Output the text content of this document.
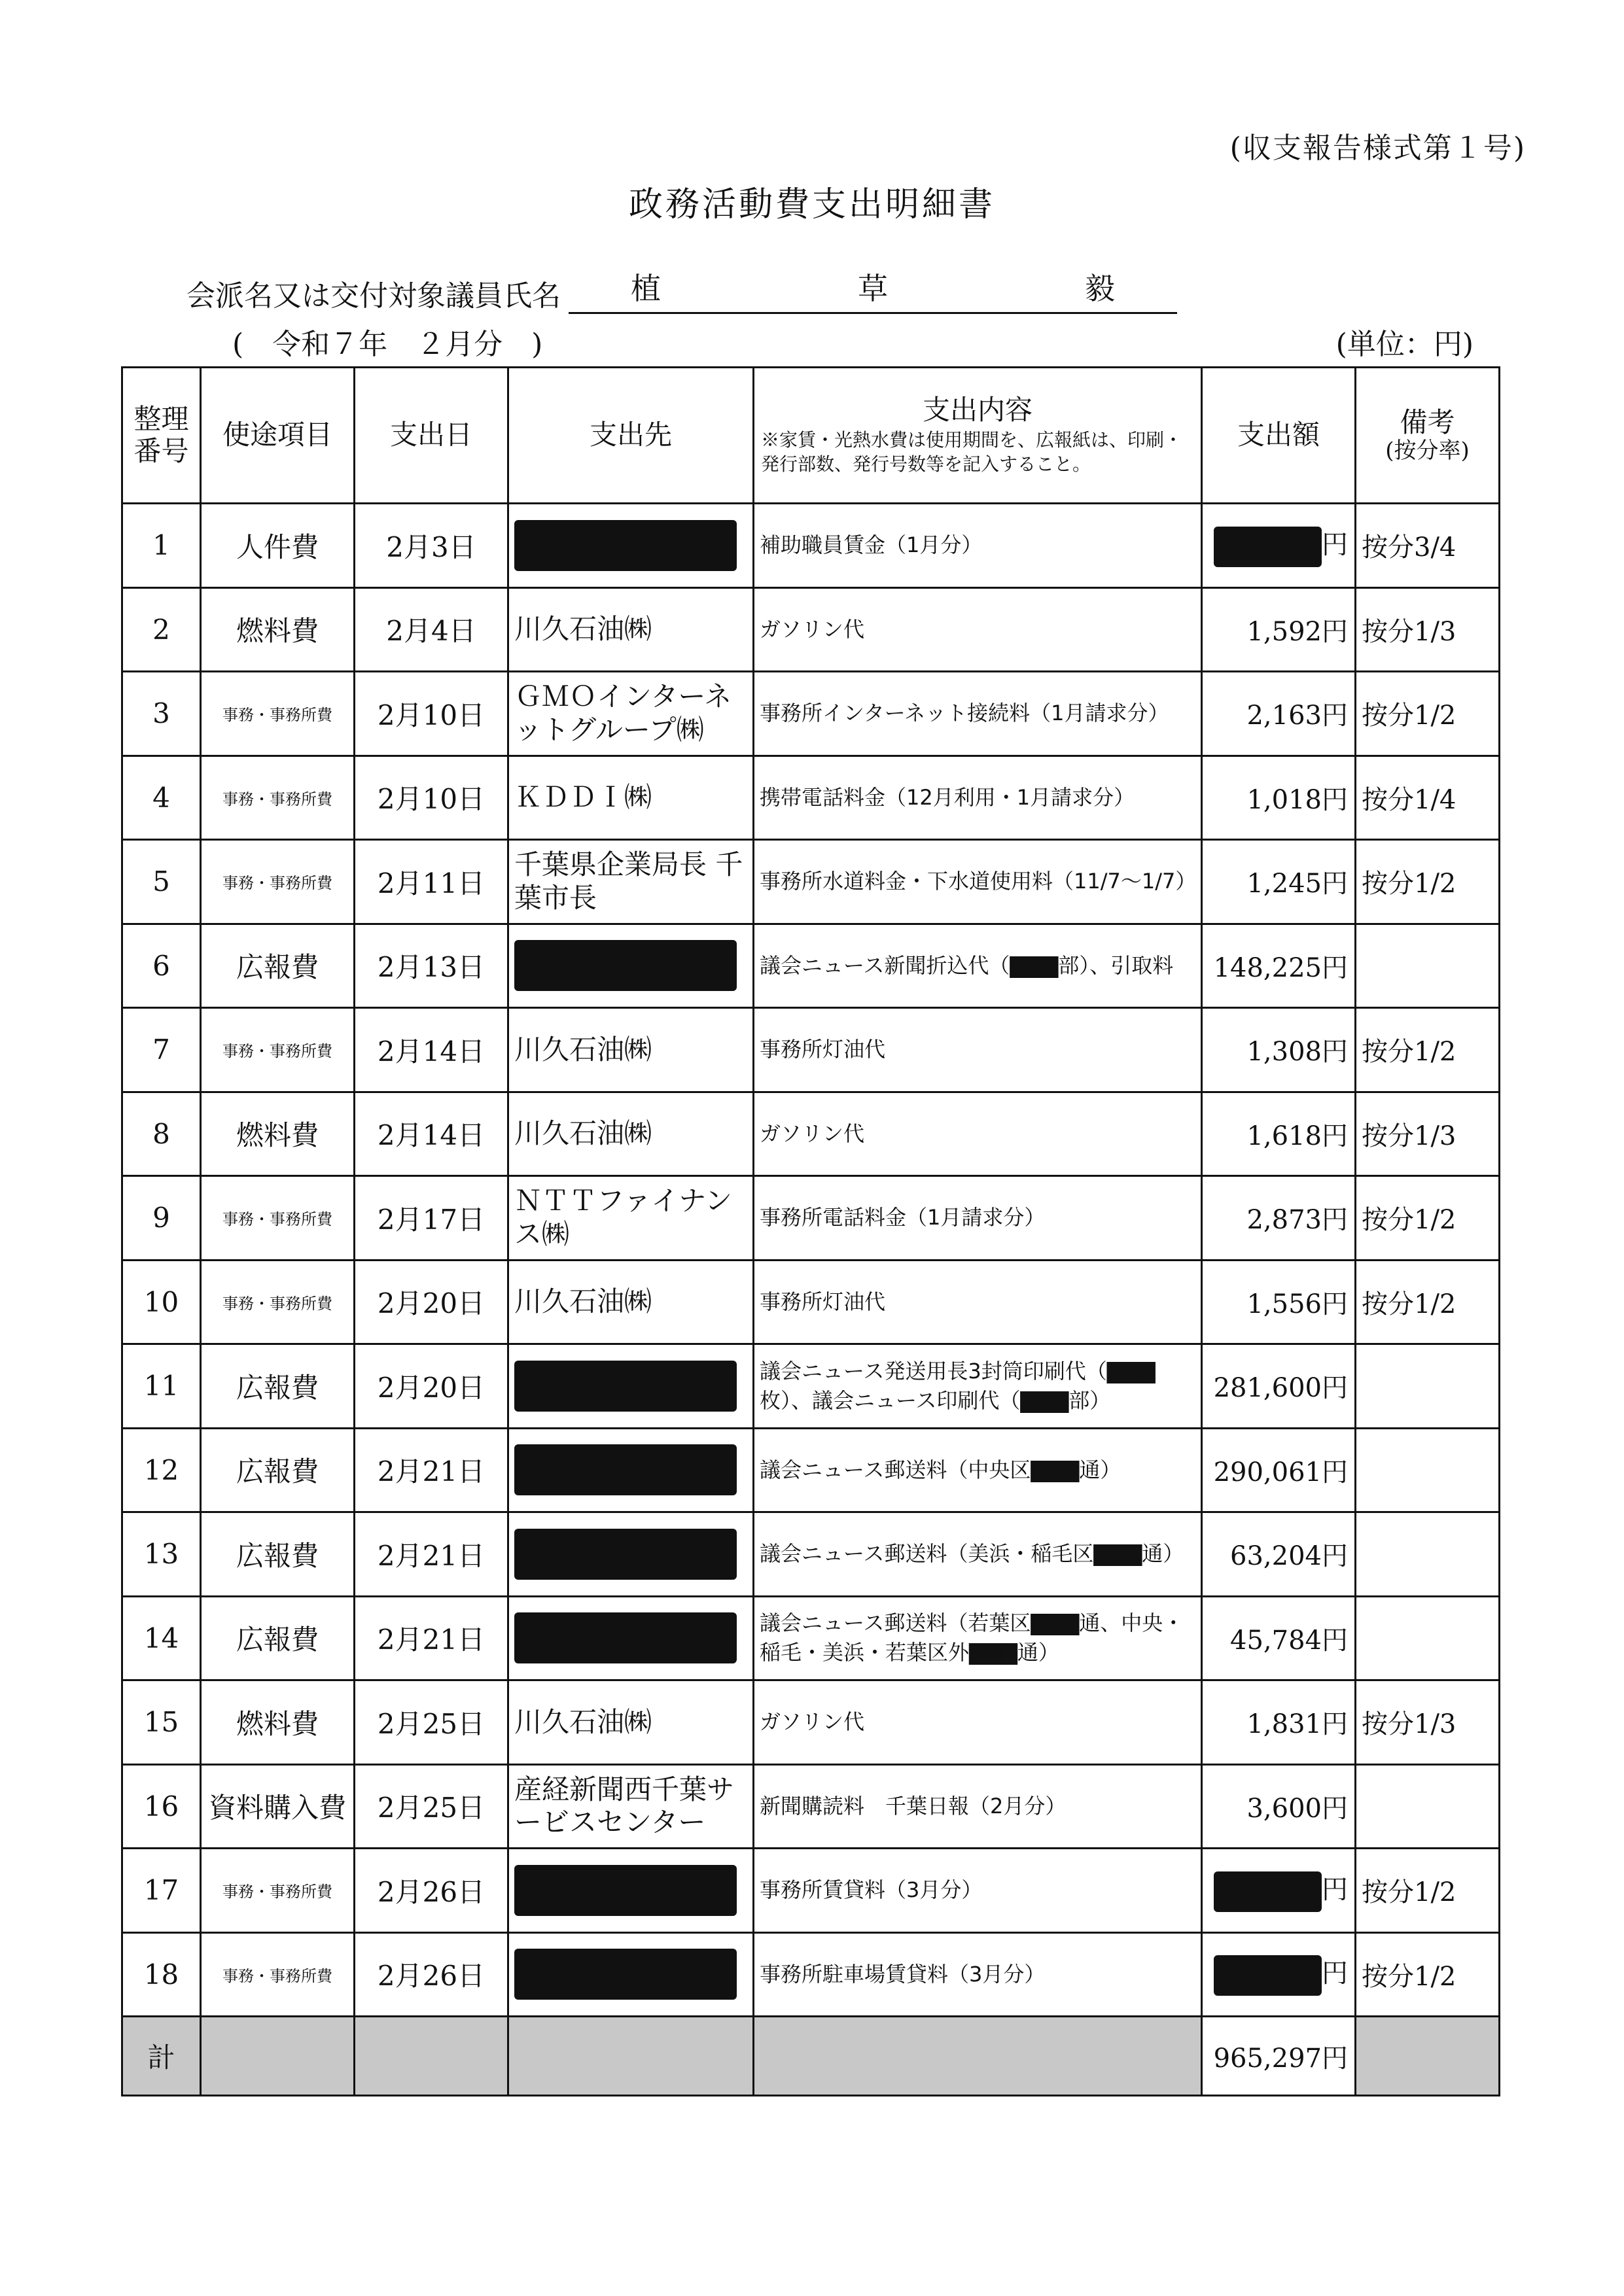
(収支報告様式第１号)
政務活動費支出明細書
会派名又は交付対象議員氏名 植	草	毅
(　令和７年　２月分　)	(単位：円)
整理番号	使途項目	支出日	支出先	支出内容
※家賃・光熱水費は使用期間を、広報紙は、印刷・発行部数、発行号数等を記入すること。	支出額	備考
(按分率)

1	人件費	2月3日		補助職員賃金（1月分）	円	按分3/4
2	燃料費	2月4日	川久石油㈱	ガソリン代	1,592円	按分1/3
3	事務・事務所費	2月10日	ＧＭＯインターネットグループ㈱	事務所インターネット接続料（1月請求分）	2,163円	按分1/2
4	事務・事務所費	2月10日	ＫＤＤＩ㈱	携帯電話料金（12月利用・1月請求分）	1,018円	按分1/4
5	事務・事務所費	2月11日	千葉県企業局長 千葉市長	事務所水道料金・下水道使用料（11/7～1/7）	1,245円	按分1/2
6	広報費	2月13日		議会ニュース新聞折込代（▇▇▇部）、引取料	148,225円	
7	事務・事務所費	2月14日	川久石油㈱	事務所灯油代	1,308円	按分1/2
8	燃料費	2月14日	川久石油㈱	ガソリン代	1,618円	按分1/3
9	事務・事務所費	2月17日	ＮＴＴファイナンス㈱	事務所電話料金（1月請求分）	2,873円	按分1/2
10	事務・事務所費	2月20日	川久石油㈱	事務所灯油代	1,556円	按分1/2
11	広報費	2月20日		議会ニュース発送用長3封筒印刷代（▇▇▇枚）、議会ニュース印刷代（▇▇▇部）	281,600円	
12	広報費	2月21日		議会ニュース郵送料（中央区▇▇▇通）	290,061円	
13	広報費	2月21日		議会ニュース郵送料（美浜・稲毛区▇▇▇通）	63,204円	
14	広報費	2月21日		議会ニュース郵送料（若葉区▇▇▇通、中央・稲毛・美浜・若葉区外▇▇▇通）	45,784円	
15	燃料費	2月25日	川久石油㈱	ガソリン代	1,831円	按分1/3
16	資料購入費	2月25日	産経新聞西千葉サービスセンター	新聞購読料　千葉日報（2月分）	3,600円	
17	事務・事務所費	2月26日		事務所賃貸料（3月分）	円	按分1/2
18	事務・事務所費	2月26日		事務所駐車場賃貸料（3月分）	円	按分1/2
計					965,297円	
